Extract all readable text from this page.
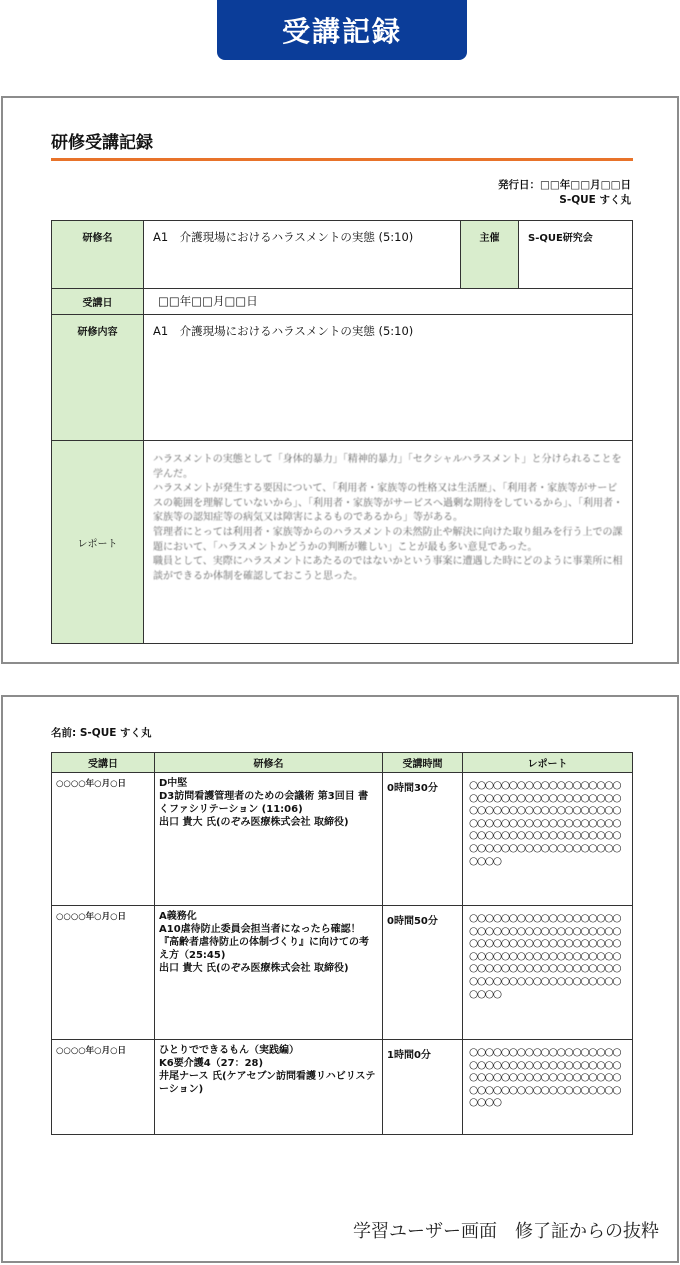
受講記録
研修受講記録
発行日：□□年□□月□□日
S-QUE すく丸
研修名	A1　介護現場におけるハラスメントの実態 (5:10)	主催	S-QUE研究会
受講日	□□年□□月□□日		
研修内容	A1　介護現場におけるハラスメントの実態 (5:10)		
レポート	ハラスメントの実態として「身体的暴力」「精神的暴力」「セクシャルハラスメント」と分けられることを学んだ。
ハラスメントが発生する要因について、「利用者・家族等の性格又は生活歴」、「利用者・家族等がサービスの範囲を理解していないから」、「利用者・家族等がサービスへ過剰な期待をしているから」、「利用者・家族等の認知症等の病気又は障害によるものであるから」等がある。
管理者にとっては利用者・家族等からのハラスメントの未然防止や解決に向けた取り組みを行う上での課題において、「ハラスメントかどうかの判断が難しい」ことが最も多い意見であった。
職員として、実際にハラスメントにあたるのではないかという事案に遭遇した時にどのように事業所に相談ができるか体制を確認しておこうと思った。		
名前: S-QUE すく丸
受講日	研修名	受講時間	レポート
○○○○年○月○日	D中堅
D3訪問看護管理者のための会議術 第3回目 書くファシリテーション (11:06)
出口 貴大 氏(のぞみ医療株式会社 取締役)	0時間30分	○○○○○○○○○○○○○○○○○○○○○○○○○○○○○○○○○○○○○○○○○○○○○○○○○○○○○○○○○○○○○○○○○○○○○○○○○○○○○○○○○○○○○○○○○○○○○○○○○○○○○○○○○○○○○○○○○○○○○○
○○○○年○月○日	A義務化
A10虐待防止委員会担当者になったら確認！『高齢者虐待防止の体制づくり』に向けての考え方（25:45)
出口 貴大 氏(のぞみ医療株式会社 取締役)	0時間50分	○○○○○○○○○○○○○○○○○○○○○○○○○○○○○○○○○○○○○○○○○○○○○○○○○○○○○○○○○○○○○○○○○○○○○○○○○○○○○○○○○○○○○○○○○○○○○○○○○○○○○○○○○○○○○○○○○○○○○○
○○○○年○月○日	ひとりでできるもん（実践編）
K6要介護4（27：28)
井尾ナース 氏(ケアセブン訪問看護リハビリステーション)	1時間0分	○○○○○○○○○○○○○○○○○○○○○○○○○○○○○○○○○○○○○○○○○○○○○○○○○○○○○○○○○○○○○○○○○○○○○○○○○○○○○○○○
学習ユーザー画面　修了証からの抜粋
